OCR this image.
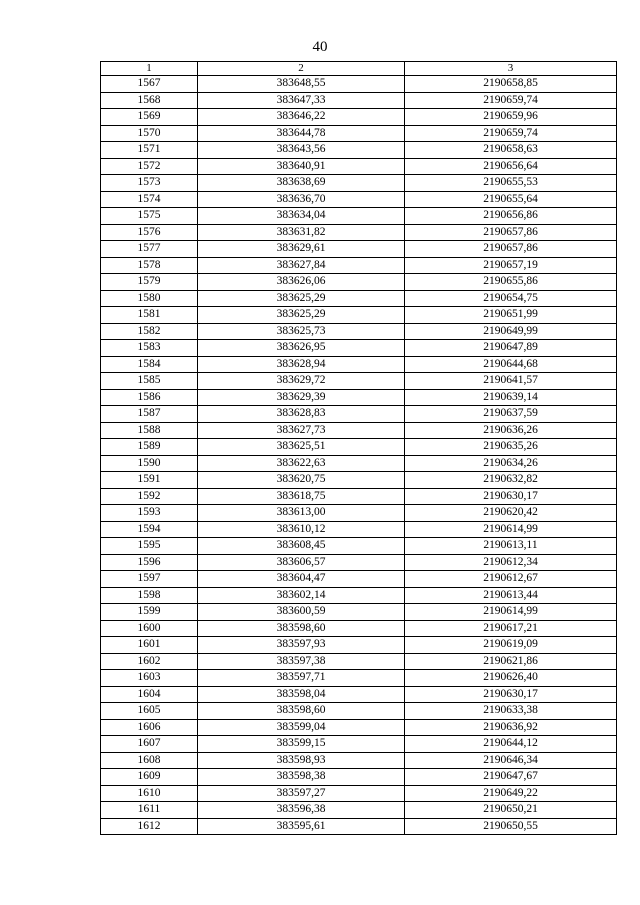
40
1	2	3
1567	383648,55	2190658,85
1568	383647,33	2190659,74
1569	383646,22	2190659,96
1570	383644,78	2190659,74
1571	383643,56	2190658,63
1572	383640,91	2190656,64
1573	383638,69	2190655,53
1574	383636,70	2190655,64
1575	383634,04	2190656,86
1576	383631,82	2190657,86
1577	383629,61	2190657,86
1578	383627,84	2190657,19
1579	383626,06	2190655,86
1580	383625,29	2190654,75
1581	383625,29	2190651,99
1582	383625,73	2190649,99
1583	383626,95	2190647,89
1584	383628,94	2190644,68
1585	383629,72	2190641,57
1586	383629,39	2190639,14
1587	383628,83	2190637,59
1588	383627,73	2190636,26
1589	383625,51	2190635,26
1590	383622,63	2190634,26
1591	383620,75	2190632,82
1592	383618,75	2190630,17
1593	383613,00	2190620,42
1594	383610,12	2190614,99
1595	383608,45	2190613,11
1596	383606,57	2190612,34
1597	383604,47	2190612,67
1598	383602,14	2190613,44
1599	383600,59	2190614,99
1600	383598,60	2190617,21
1601	383597,93	2190619,09
1602	383597,38	2190621,86
1603	383597,71	2190626,40
1604	383598,04	2190630,17
1605	383598,60	2190633,38
1606	383599,04	2190636,92
1607	383599,15	2190644,12
1608	383598,93	2190646,34
1609	383598,38	2190647,67
1610	383597,27	2190649,22
1611	383596,38	2190650,21
1612	383595,61	2190650,55
